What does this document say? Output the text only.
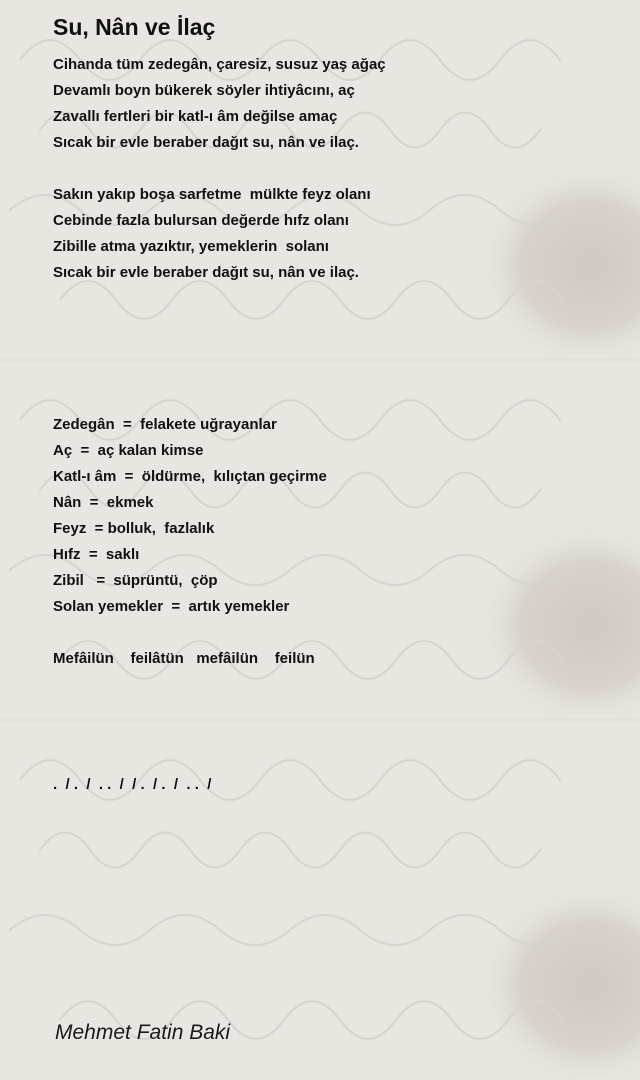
Su, Nân ve İlaç
Cihanda tüm zedegân, çaresiz, susuz yaş ağaç
Devamlı boyn bükerek söyler ihtiyâcını, aç
Zavallı fertleri bir katl-ı âm değilse amaç
Sıcak bir evle beraber dağıt su, nân ve ilaç.
Sakın yakıp boşa sarfetme  mülkte feyz olanı
Cebinde fazla bulursan değerde hıfz olanı
Zibille atma yazıktır, yemeklerin  solanı
Sıcak bir evle beraber dağıt su, nân ve ilaç.
Zedegân  =  felakete uğrayanlar
Aç  =  aç kalan kimse
Katl-ı âm  =  öldürme,  kılıçtan geçirme
Nân  =  ekmek
Feyz  = bolluk,  fazlalık
Hıfz  =  saklı
Zibil   =  süprüntü,  çöp
Solan yemekler  =  artık yemekler

Mefâilün    feilâtün   mefâilün    feilün

.  / .  /  . .  /  / .  / .  /  . .  /

Mehmet Fatin Baki
